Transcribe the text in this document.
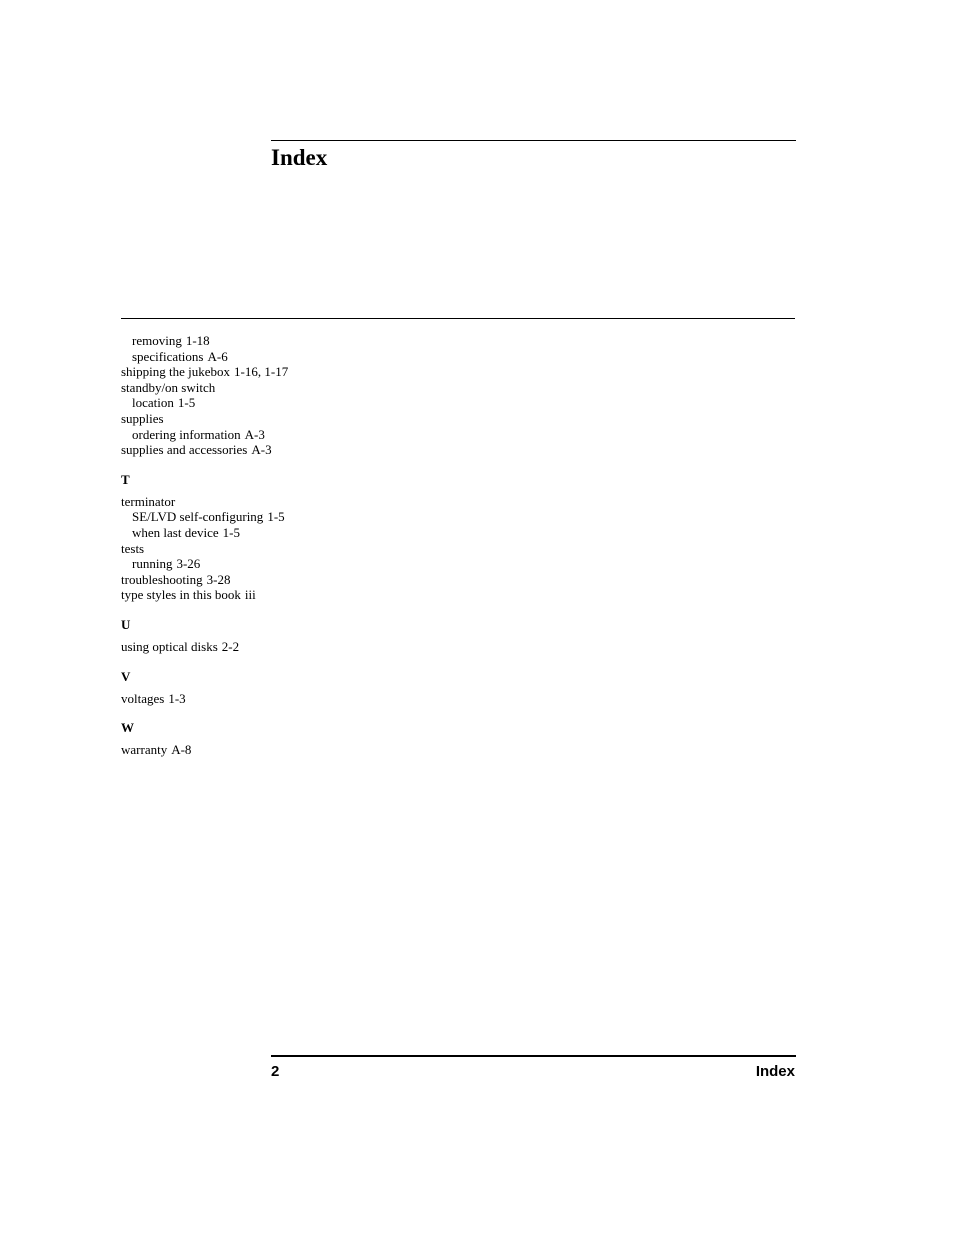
Index
removing 1-18
specifications A-6
shipping the jukebox 1-16, 1-17
standby/on switch
location 1-5
supplies
ordering information A-3
supplies and accessories A-3
T
terminator
SE/LVD self-configuring 1-5
when last device 1-5
tests
running 3-26
troubleshooting 3-28
type styles in this book iii
U
using optical disks 2-2
V
voltages 1-3
W
warranty A-8
2	Index
